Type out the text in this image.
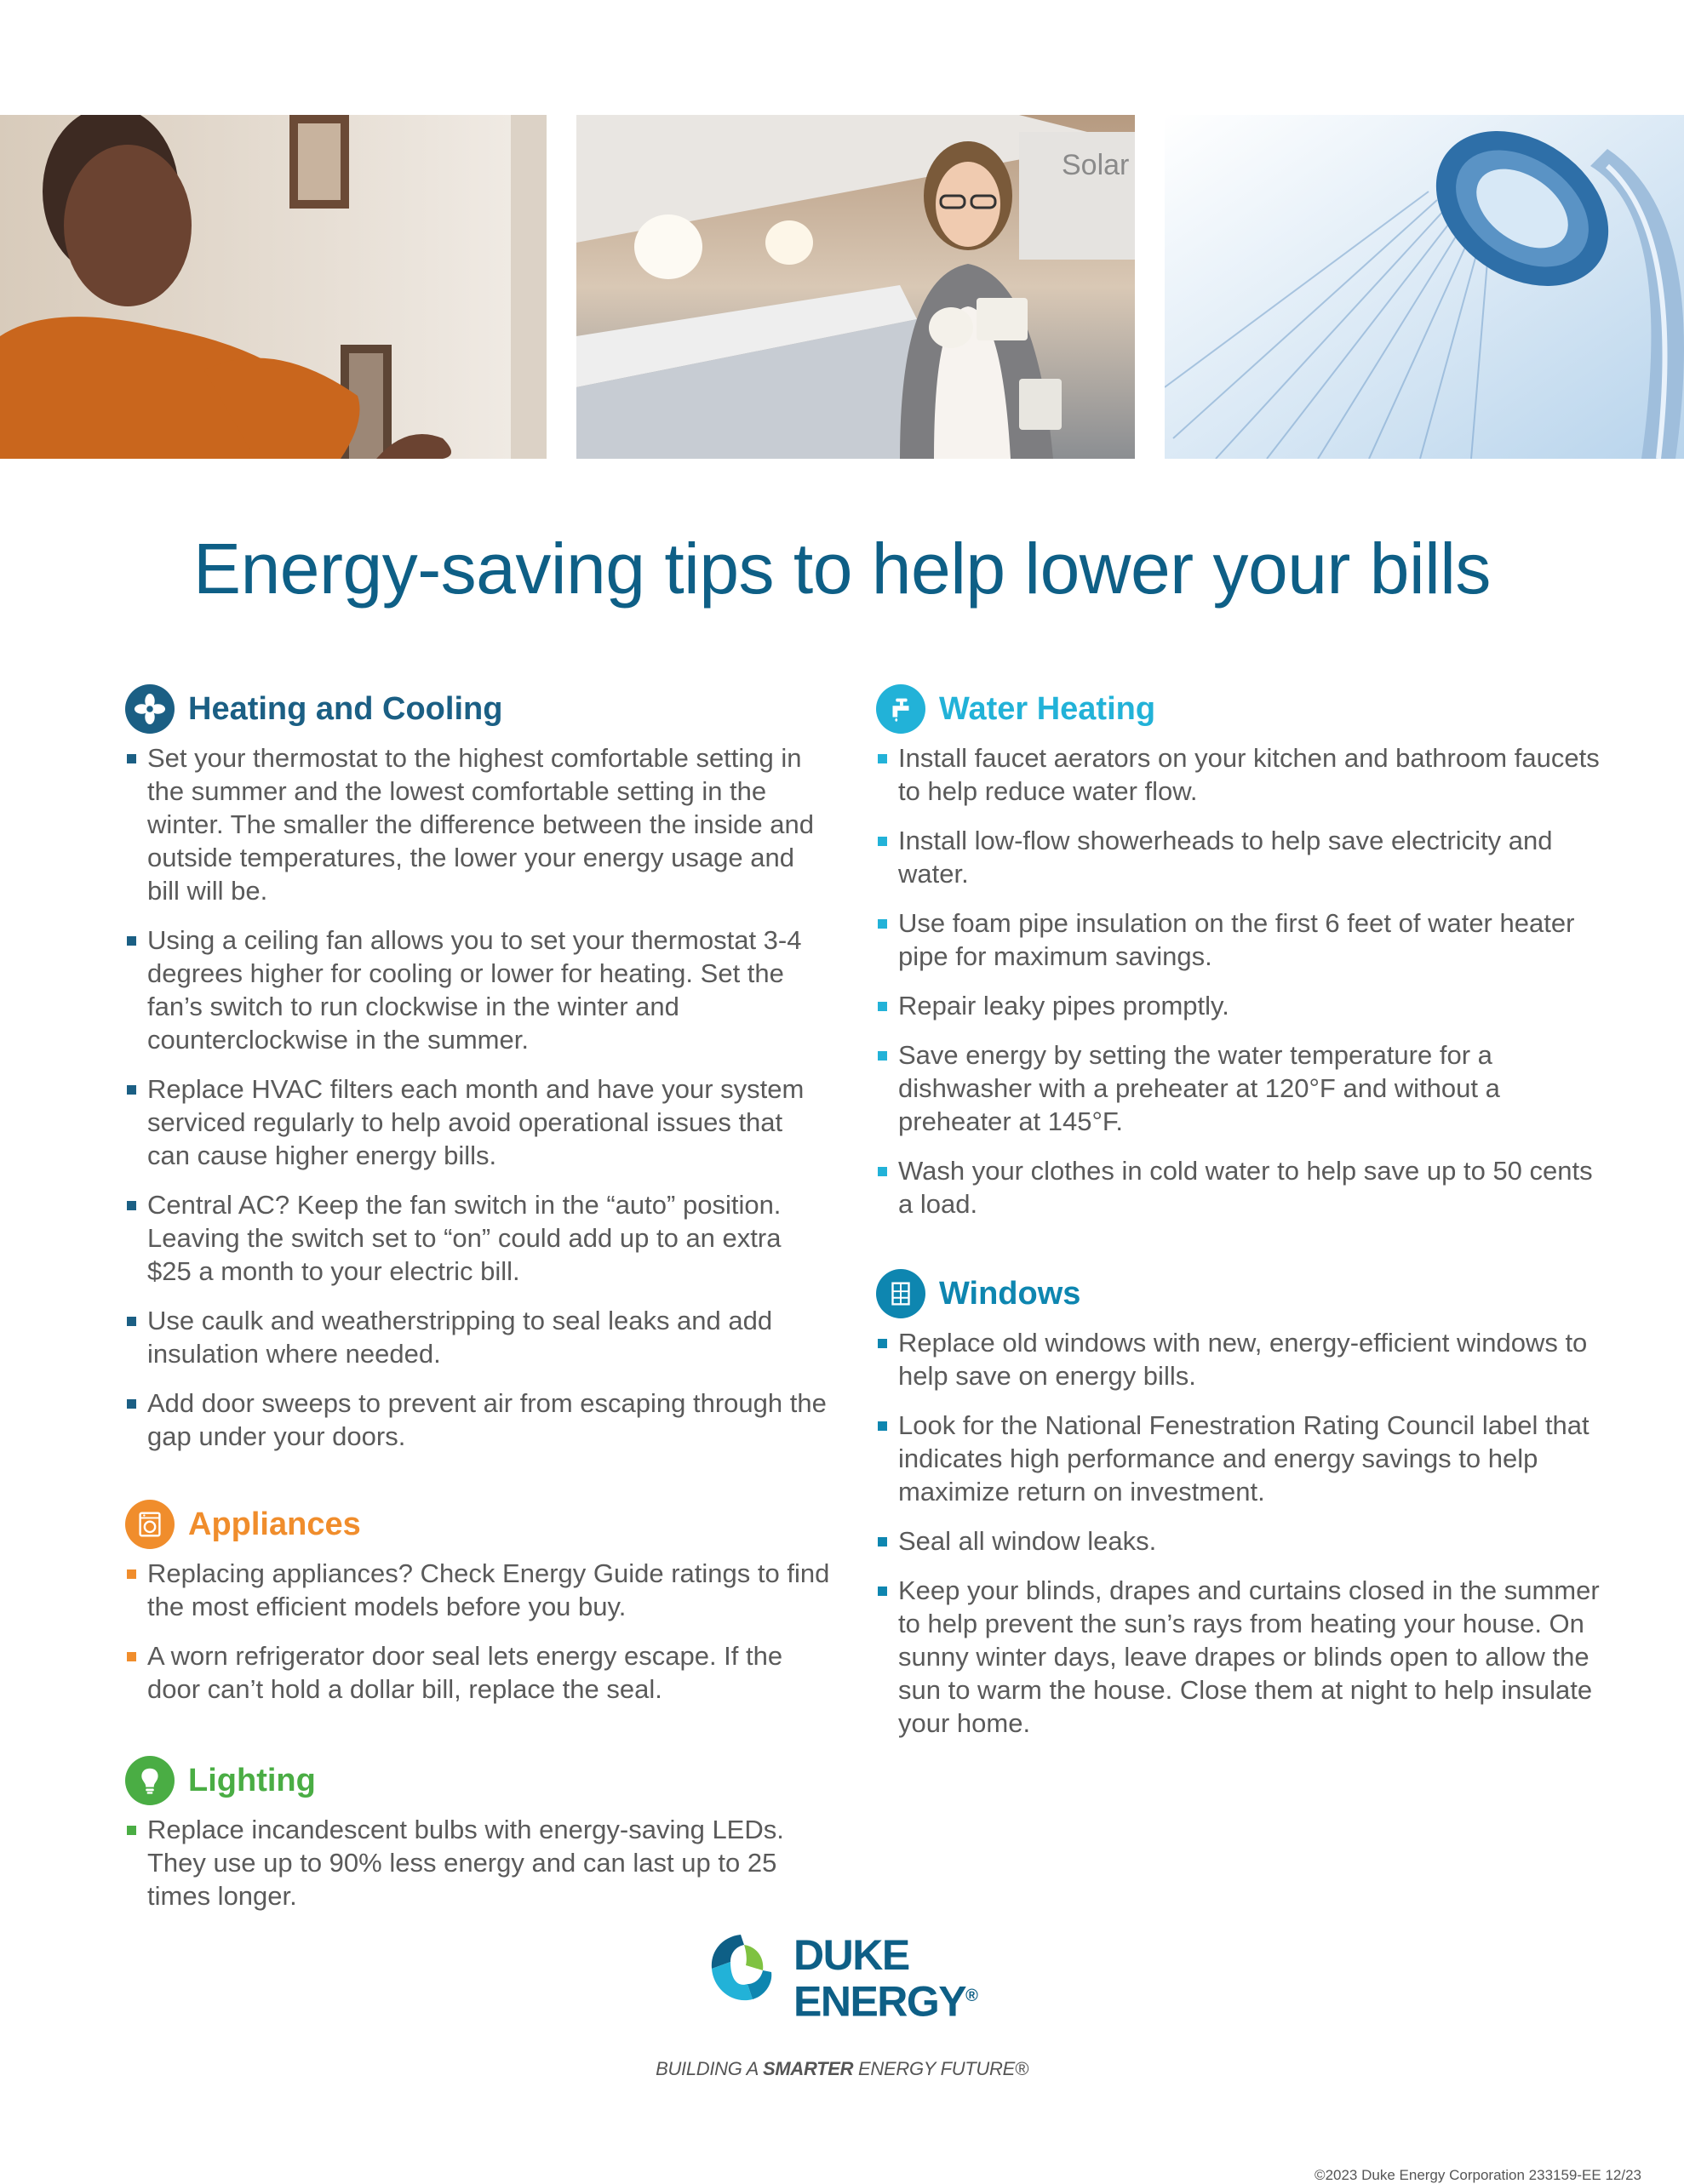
Solar
Energy-saving tips to help lower your bills
Heating and Cooling
Set your thermostat to the highest comfortable setting in the summer and the lowest comfortable setting in the winter. The smaller the difference between the inside and outside temperatures, the lower your energy usage and bill will be.
Using a ceiling fan allows you to set your thermostat 3-4 degrees higher for cooling or lower for heating. Set the fan’s switch to run clockwise in the winter and counterclockwise in the summer.
Replace HVAC filters each month and have your system serviced regularly to help avoid operational issues that can cause higher energy bills.
Central AC? Keep the fan switch in the “auto” position. Leaving the switch set to “on” could add up to an extra $25 a month to your electric bill.
Use caulk and weatherstripping to seal leaks and add insulation where needed.
Add door sweeps to prevent air from escaping through the gap under your doors.
Appliances
Replacing appliances? Check Energy Guide ratings to find the most efficient models before you buy.
A worn refrigerator door seal lets energy escape. If the door can’t hold a dollar bill, replace the seal.
Lighting
Replace incandescent bulbs with energy-saving LEDs. They use up to 90% less energy and can last up to 25 times longer.
Water Heating
Install faucet aerators on your kitchen and bathroom faucets to help reduce water flow.
Install low-flow showerheads to help save electricity and water.
Use foam pipe insulation on the first 6 feet of water heater pipe for maximum savings.
Repair leaky pipes promptly.
Save energy by setting the water temperature for a dishwasher with a preheater at 120°F and without a preheater at 145°F.
Wash your clothes in cold water to help save up to 50 cents a load.
Windows
Replace old windows with new, energy-efficient windows to help save on energy bills.
Look for the National Fenestration Rating Council label that indicates high performance and energy savings to help maximize return on investment.
Seal all window leaks.
Keep your blinds, drapes and curtains closed in the summer to help prevent the sun’s rays from heating your house. On sunny winter days, leave drapes or blinds open to allow the sun to warm the house. Close them at night to help insulate your home.
DUKE
ENERGY®
BUILDING A SMARTER ENERGY FUTURE®
©2023 Duke Energy Corporation 233159-EE 12/23
